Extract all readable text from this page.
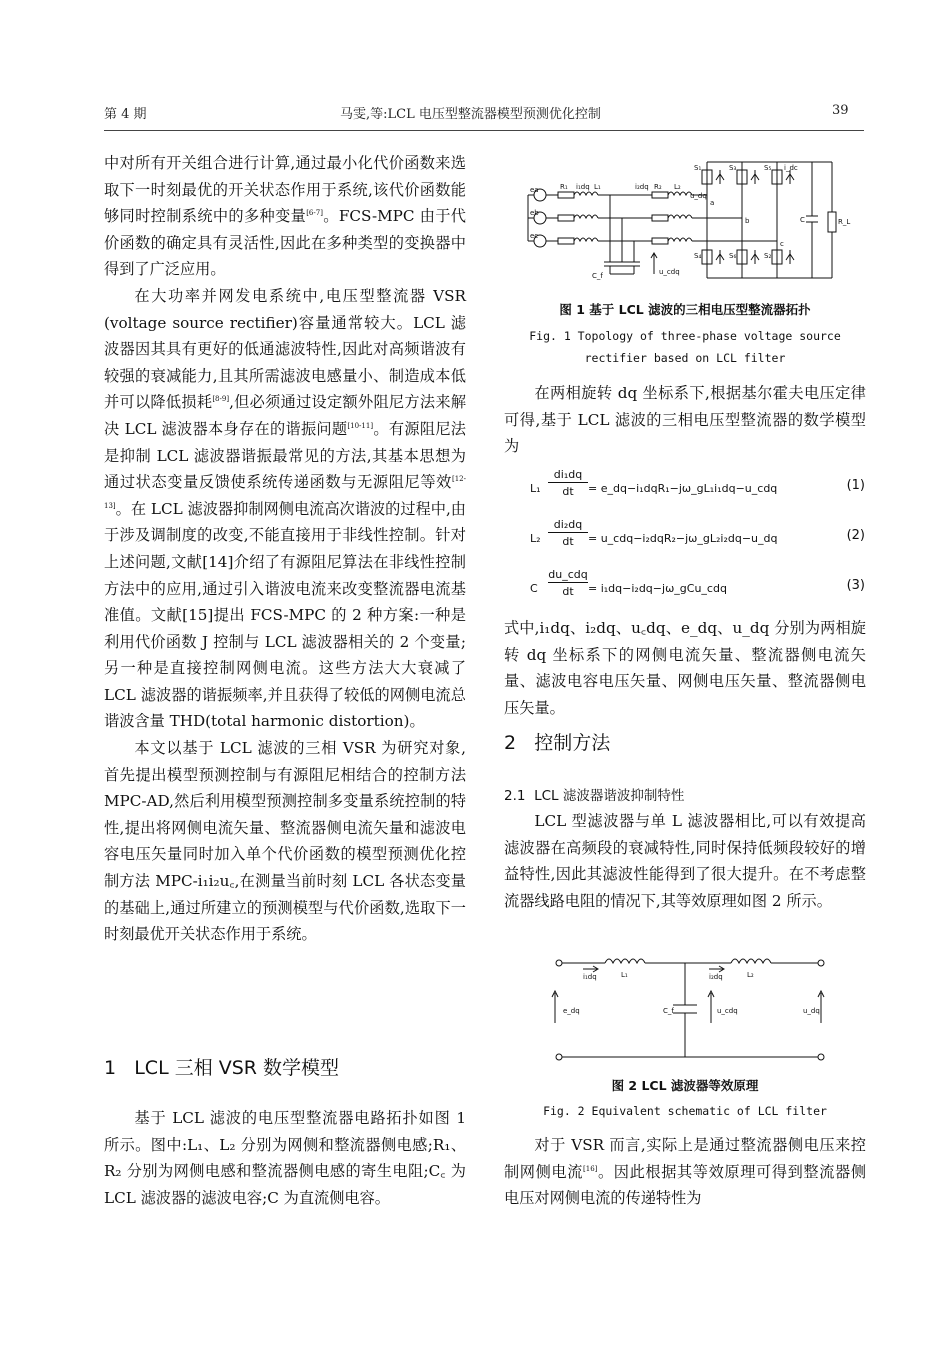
第 4 期	马雯,等:LCL 电压型整流器模型预测优化控制	39

中对所有开关组合进行计算,通过最小化代价函数来选取下一时刻最优的开关状态作用于系统,该代价函数能够同时控制系统中的多种变量[6-7]。FCS-MPC 由于代价函数的确定具有灵活性,因此在多种类型的变换器中得到了广泛应用。

在大功率并网发电系统中,电压型整流器 VSR (voltage source rectifier)容量通常较大。LCL 滤波器因其具有更好的低通滤波特性,因此对高频谐波有较强的衰减能力,且其所需滤波电感量小、制造成本低并可以降低损耗[8-9],但必须通过设定额外阻尼方法来解决 LCL 滤波器本身存在的谐振问题[10-11]。有源阻尼法是抑制 LCL 滤波器谐振最常见的方法,其基本思想为通过状态变量反馈使系统传递函数与无源阻尼等效[12-13]。在 LCL 滤波器抑制网侧电流高次谐波的过程中,由于涉及调制度的改变,不能直接用于非线性控制。针对上述问题,文献[14]介绍了有源阻尼算法在非线性控制方法中的应用,通过引入谐波电流来改变整流器电流基准值。文献[15]提出 FCS-MPC 的 2 种方案:一种是利用代价函数 J 控制与 LCL 滤波器相关的 2 个变量;另一种是直接控制网侧电流。这些方法大大衰减了 LCL 滤波器的谐振频率,并且获得了较低的网侧电流总谐波含量 THD(total harmonic distortion)。

本文以基于 LCL 滤波的三相 VSR 为研究对象,首先提出模型预测控制与有源阻尼相结合的控制方法 MPC-AD,然后利用模型预测控制多变量系统控制的特性,提出将网侧电流矢量、整流器侧电流矢量和滤波电容电压矢量同时加入单个代价函数的模型预测优化控制方法 MPC-i₁i₂u꜀,在测量当前时刻 LCL 各状态变量的基础上,通过所建立的预测模型与代价函数,选取下一时刻最优开关状态作用于系统。

1 LCL 三相 VSR 数学模型

基于 LCL 滤波的电压型整流器电路拓扑如图 1 所示。图中:L₁、L₂ 分别为网侧和整流器侧电感;R₁、R₂ 分别为网侧电感和整流器侧电感的寄生电阻;C꜀ 为 LCL 滤波器的滤波电容;C 为直流侧电容。

ea
eb
ec
R₁ i₁dq L₁	i₂dq R₂ L₂
u_dq
a
b
c
C_f	u_cdq
C	R_L
i_dc
S₁	S₃	S₅
S₄	S₆	S₂
图 1 基于 LCL 滤波的三相电压型整流器拓扑
Fig. 1 Topology of three-phase voltage source rectifier based on LCL filter

在两相旋转 dq 坐标系下,根据基尔霍夫电压定律可得,基于 LCL 滤波的三相电压型整流器的数学模型为

$L_1 \frac{\text{di₁dq}}{dt}$ = e_dq−i₁dqR₁−jω_gL₁i₁dq−u_cdq	(1)
$L_2 \frac{\text{di₂dq}}{dt}$ = u_cdq−i₂dqR₂−jω_gL₂i₂dq−u_dq	(2)
C
du_cdq
dt	= i₁dq−i₂dq−jω_gCu_cdq	(3)

式中,i₁dq、i₂dq、u꜀dq、e_dq、u_dq 分别为两相旋转 dq 坐标系下的网侧电流矢量、整流器侧电流矢量、滤波电容电压矢量、网侧电压矢量、整流器侧电压矢量。

2 控制方法
2.1 LCL 滤波器谐波抑制特性

LCL 型滤波器与单 L 滤波器相比,可以有效提高滤波器在高频段的衰减特性,同时保持低频段较好的增益特性,因此其滤波性能得到了很大提升。在不考虑整流器线路电阻的情况下,其等效原理如图 2 所示。

i₁dq	L₁	i₂dq	L₂
e_dq	C_f	u_cdq	u_dq
图 2 LCL 滤波器等效原理
Fig. 2 Equivalent schematic of LCL filter

对于 VSR 而言,实际上是通过整流器侧电压来控制网侧电流[16]。因此根据其等效原理可得到整流器侧电压对网侧电流的传递特性为
